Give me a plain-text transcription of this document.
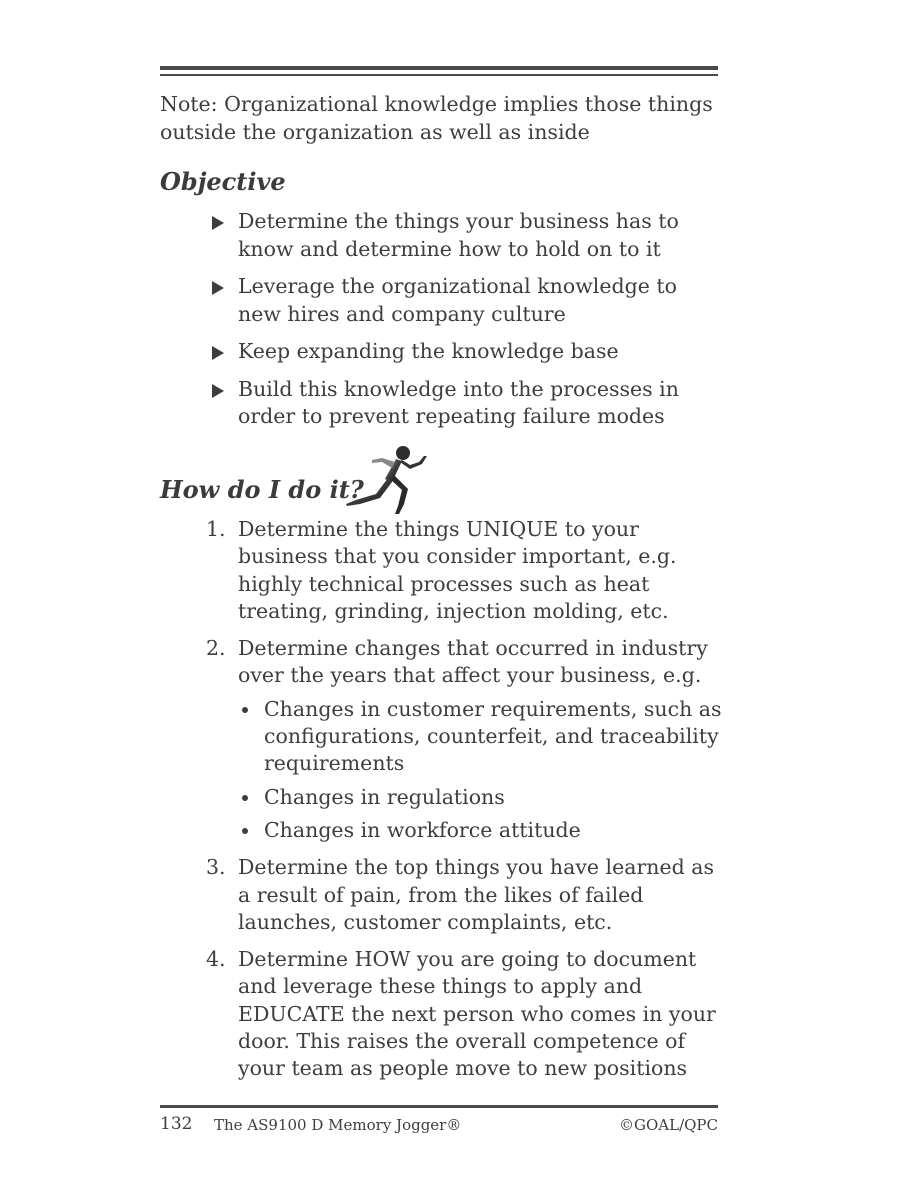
Note: Organizational knowledge implies those things outside the organization as well as inside

Objective
Determine the things your business has to know and determine how to hold on to it
Leverage the organizational knowledge to new hires and company culture
Keep expanding the knowledge base
Build this knowledge into the processes in order to prevent repeating failure modes
How do I do it?
1. Determine the things UNIQUE to your business that you consider important, e.g. highly technical processes such as heat treating, grinding, injection molding, etc.
2. Determine changes that occurred in industry over the years that affect your business, e.g.
Changes in customer requirements, such as configurations, counterfeit, and traceability requirements
Changes in regulations
Changes in workforce attitude
3. Determine the top things you have learned as a result of pain, from the likes of failed launches, customer complaints, etc.
4. Determine HOW you are going to document and leverage these things to apply and EDUCATE the next person who comes in your door. This raises the overall competence of your team as people move to new positions
132 The AS9100 D Memory Jogger®	©GOAL/QPC
